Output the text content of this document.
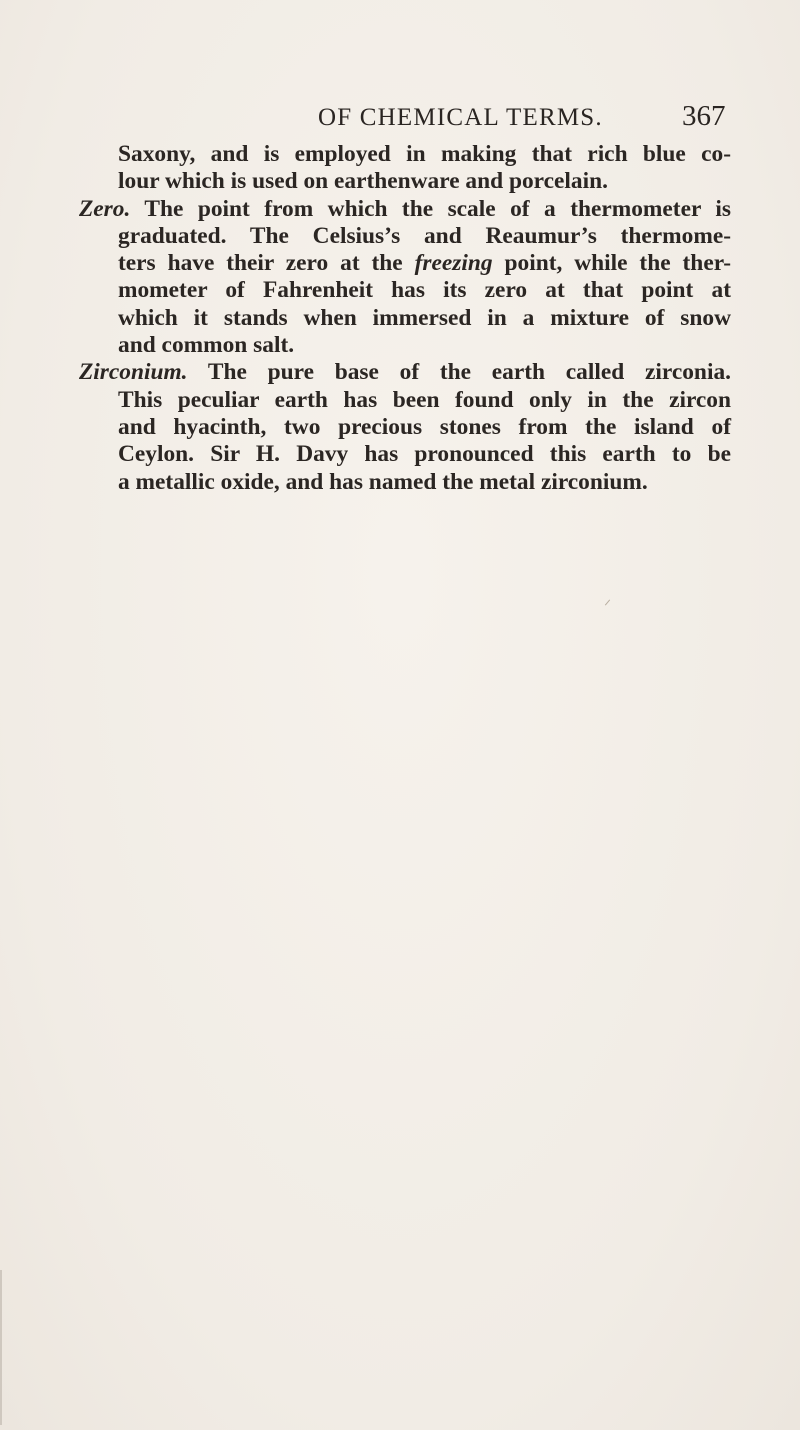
OF CHEMICAL TERMS.	367
Saxony, and is employed in making that rich blue co-
lour which is used on earthenware and porcelain.
Zero. The point from which the scale of a thermometer is
graduated. The Celsius’s and Reaumur’s thermome-
ters have their zero at the freezing point, while the ther-
mometer of Fahrenheit has its zero at that point at
which it stands when immersed in a mixture of snow
and common salt.
Zirconium. The pure base of the earth called zirconia.
This peculiar earth has been found only in the zircon
and hyacinth, two precious stones from the island of
Ceylon. Sir H. Davy has pronounced this earth to be
a metallic oxide, and has named the metal zirconium.
